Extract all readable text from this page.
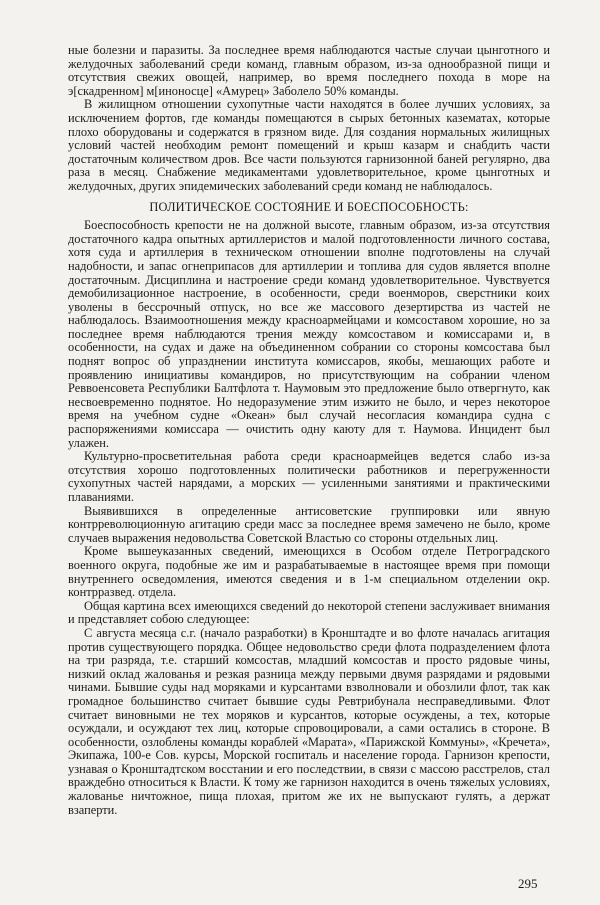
ные болезни и паразиты. За последнее время наблюдаются частые случаи цынготного и желудочных заболеваний среди команд, главным образом, из-за однообразной пищи и отсутствия свежих овощей, например, во время последнего похода в море на э[скадренном] м[иноносце] «Амурец» Заболело 50% команды.

В жилищном отношении сухопутные части находятся в более лучших условиях, за исключением фортов, где команды помещаются в сырых бетонных казематах, которые плохо оборудованы и содержатся в грязном виде. Для создания нормальных жилищных условий частей необходим ремонт помещений и крыш казарм и снабдить части достаточным количеством дров. Все части пользуются гарнизонной баней регулярно, два раза в месяц. Снабжение медикаментами удовлетворительное, кроме цынготных и желудочных, других эпидемических заболеваний среди команд не наблюдалось.

ПОЛИТИЧЕСКОЕ СОСТОЯНИЕ И БОЕСПОСОБНОСТЬ:

Боеспособность крепости не на должной высоте, главным образом, из-за отсутствия достаточного кадра опытных артиллеристов и малой подготовленности личного состава, хотя суда и артиллерия в техническом отношении вполне подготовлены на случай надобности, и запас огнеприпасов для артиллерии и топлива для судов является вполне достаточным. Дисциплина и настроение среди команд удовлетворительное. Чувствуется демобилизационное настроение, в особенности, среди военморов, сверстники коих уволены в бессрочный отпуск, но все же массового дезертирства из частей не наблюдалось. Взаимоотношения между красноармейцами и комсоставом хорошие, но за последнее время наблюдаются трения между комсоставом и комиссарами и, в особенности, на судах и даже на объединенном собрании со стороны комсостава был поднят вопрос об упразднении института комиссаров, якобы, мешающих работе и проявлению инициативы командиров, но присутствующим на собрании членом Реввоенсовета Республики Балтфлота т. Наумовым это предложение было отвергнуто, как несвоевременно поднятое. Но недоразумение этим изжито не было, и через некоторое время на учебном судне «Океан» был случай несогласия командира судна с распоряжениями комиссара — очистить одну каюту для т. Наумова. Инцидент был улажен.

Культурно-просветительная работа среди красноармейцев ведется слабо из-за отсутствия хорошо подготовленных политически работников и перегруженности сухопутных частей нарядами, а морских — усиленными занятиями и практическими плаваниями.

Выявившихся в определенные антисоветские группировки или явную контрреволюционную агитацию среди масс за последнее время замечено не было, кроме случаев выражения недовольства Советской Властью со стороны отдельных лиц.

Кроме вышеуказанных сведений, имеющихся в Особом отделе Петроградского военного округа, подобные же им и разрабатываемые в настоящее время при помощи внутреннего осведомления, имеются сведения и в 1-м специальном отделении окр. контрразвед. отдела.

Общая картина всех имеющихся сведений до некоторой степени заслуживает внимания и представляет собою следующее:

С августа месяца с.г. (начало разработки) в Кронштадте и во флоте началась агитация против существующего порядка. Общее недовольство среди флота подразделением флота на три разряда, т.е. старший комсостав, младший комсостав и просто рядовые чины, низкий оклад жалованья и резкая разница между первыми двумя разрядами и рядовыми чинами. Бывшие суды над моряками и курсантами взволновали и обозлили флот, так как громадное большинство считает бывшие суды Ревтрибунала несправедливыми. Флот считает виновными не тех моряков и курсантов, которые осуждены, а тех, которые осуждали, и осуждают тех лиц, которые спровоцировали, а сами остались в стороне. В особенности, озлоблены команды кораблей «Марата», «Парижской Коммуны», «Кречета», Экипажа, 100-е Сов. курсы, Морской госпиталь и население города. Гарнизон крепости, узнавая о Кронштадтском восстании и его последствии, в связи с массою расстрелов, стал враждебно относиться к Власти. К тому же гарнизон находится в очень тяжелых условиях, жалованье ничтожное, пища плохая, притом же их не выпускают гулять, а держат взаперти.

295
